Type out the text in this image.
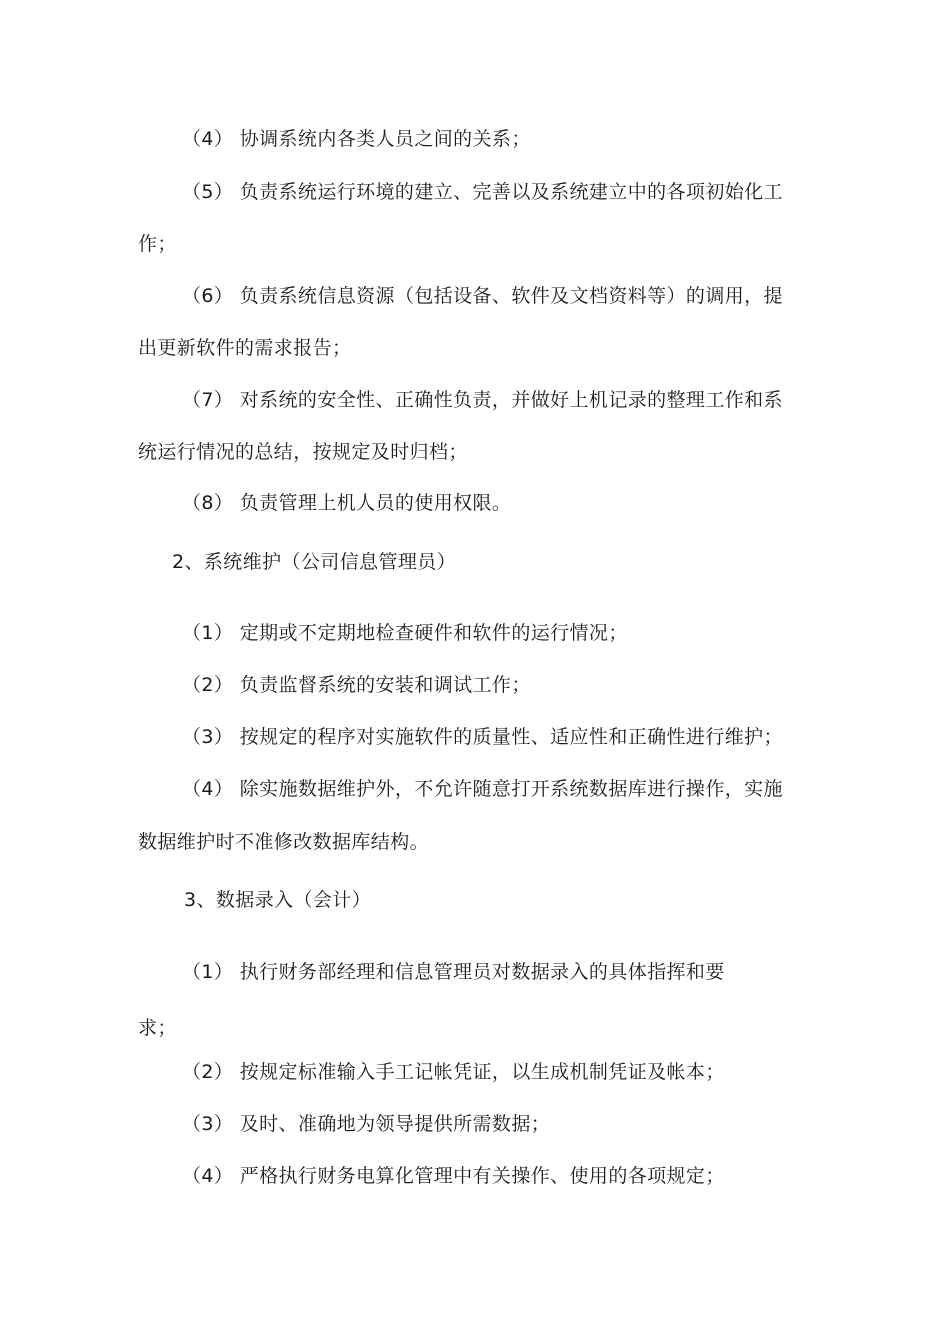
（4） 协调系统内各类人员之间的关系；
（5） 负责系统运行环境的建立、完善以及系统建立中的各项初始化工
作；
（6） 负责系统信息资源（包括设备、软件及文档资料等）的调用，提
出更新软件的需求报告；
（7） 对系统的安全性、正确性负责，并做好上机记录的整理工作和系
统运行情况的总结，按规定及时归档；
（8） 负责管理上机人员的使用权限。
2、系统维护（公司信息管理员）
（1） 定期或不定期地检查硬件和软件的运行情况；
（2） 负责监督系统的安装和调试工作；
（3） 按规定的程序对实施软件的质量性、适应性和正确性进行维护；
（4） 除实施数据维护外，不允许随意打开系统数据库进行操作，实施
数据维护时不准修改数据库结构。
3、数据录入（会计）
（1） 执行财务部经理和信息管理员对数据录入的具体指挥和要
求；
（2） 按规定标准输入手工记帐凭证，以生成机制凭证及帐本；
（3） 及时、准确地为领导提供所需数据；
（4） 严格执行财务电算化管理中有关操作、使用的各项规定；
